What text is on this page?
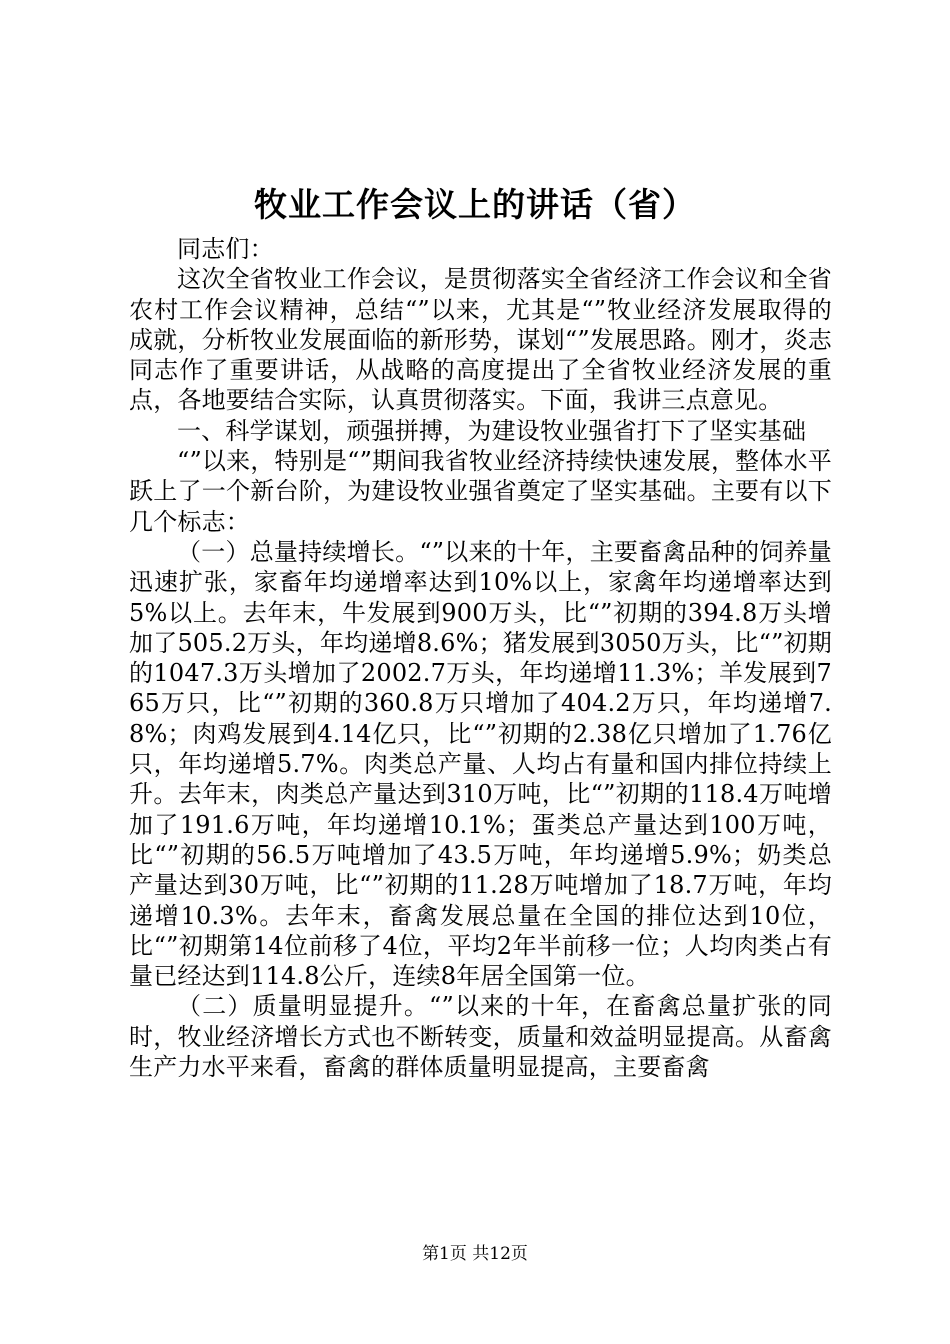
牧业工作会议上的讲话（省）

同志们：

这次全省牧业工作会议，是贯彻落实全省经济工作会议和全省农村工作会议精神，总结“”以来，尤其是“”牧业经济发展取得的成就，分析牧业发展面临的新形势，谋划“”发展思路。刚才，炎志同志作了重要讲话，从战略的高度提出了全省牧业经济发展的重点，各地要结合实际，认真贯彻落实。下面，我讲三点意见。

一、科学谋划，顽强拼搏，为建设牧业强省打下了坚实基础

“”以来，特别是“”期间我省牧业经济持续快速发展，整体水平跃上了一个新台阶，为建设牧业强省奠定了坚实基础。主要有以下几个标志：

（一）总量持续增长。“”以来的十年，主要畜禽品种的饲养量迅速扩张，家畜年均递增率达到10%以上，家禽年均递增率达到5%以上。去年末，牛发展到900万头，比“”初期的394.8万头增加了505.2万头，年均递增8.6%；猪发展到3050万头，比“”初期的1047.3万头增加了2002.7万头，年均递增11.3%；羊发展到765万只，比“”初期的360.8万只增加了404.2万只，年均递增7.8%；肉鸡发展到4.14亿只，比“”初期的2.38亿只增加了1.76亿只，年均递增5.7%。肉类总产量、人均占有量和国内排位持续上升。去年末，肉类总产量达到310万吨，比“”初期的118.4万吨增加了191.6万吨，年均递增10.1%；蛋类总产量达到100万吨，比“”初期的56.5万吨增加了43.5万吨，年均递增5.9%；奶类总产量达到30万吨，比“”初期的11.28万吨增加了18.7万吨，年均递增10.3%。去年末，畜禽发展总量在全国的排位达到10位，比“”初期第14位前移了4位，平均2年半前移一位；人均肉类占有量已经达到114.8公斤，连续8年居全国第一位。

（二）质量明显提升。“”以来的十年，在畜禽总量扩张的同时，牧业经济增长方式也不断转变，质量和效益明显提高。从畜禽生产力水平来看，畜禽的群体质量明显提高，主要畜禽

第1页 共12页
